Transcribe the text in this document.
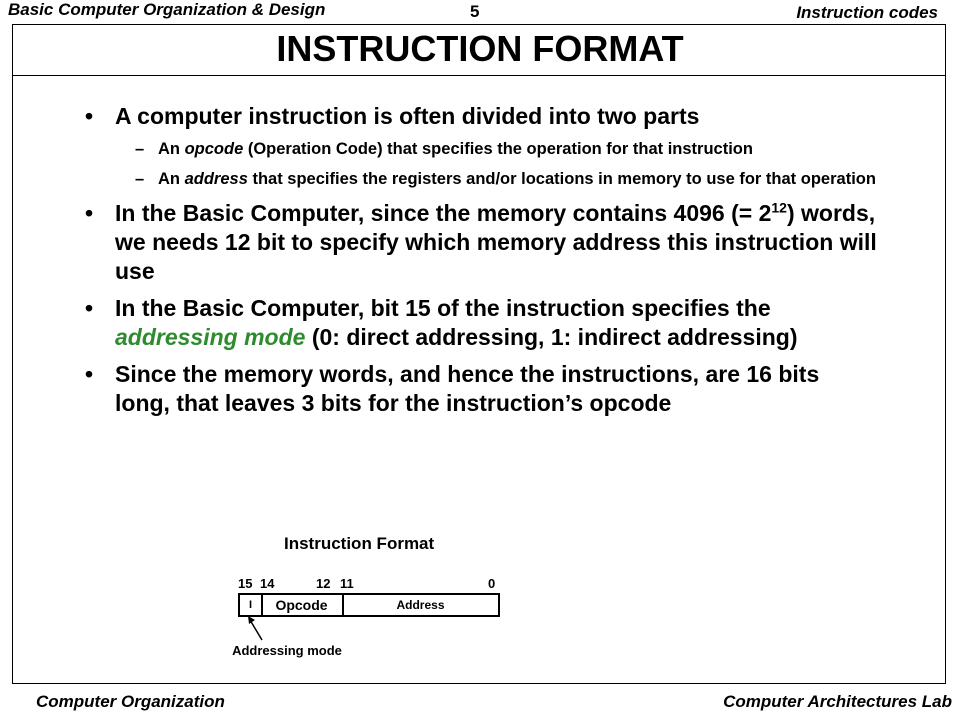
Basic Computer Organization & Design	5	Instruction codes
INSTRUCTION FORMAT
• A computer instruction is often divided into two parts
– An opcode (Operation Code) that specifies the operation for that instruction
– An address that specifies the registers and/or locations in memory to use for that operation
• In the Basic Computer, since the memory contains 4096 (= $2^{12}$) words, we needs 12 bit to specify which memory address this instruction will use
• In the Basic Computer, bit 15 of the instruction specifies the addressing mode (0: direct addressing, 1: indirect addressing)
• Since the memory words, and hence the instructions, are 16 bits long, that leaves 3 bits for the instruction’s opcode
Instruction Format
15 14	12 11	0
I	Opcode	Address
Addressing mode
Computer Organization	Computer Architectures Lab
